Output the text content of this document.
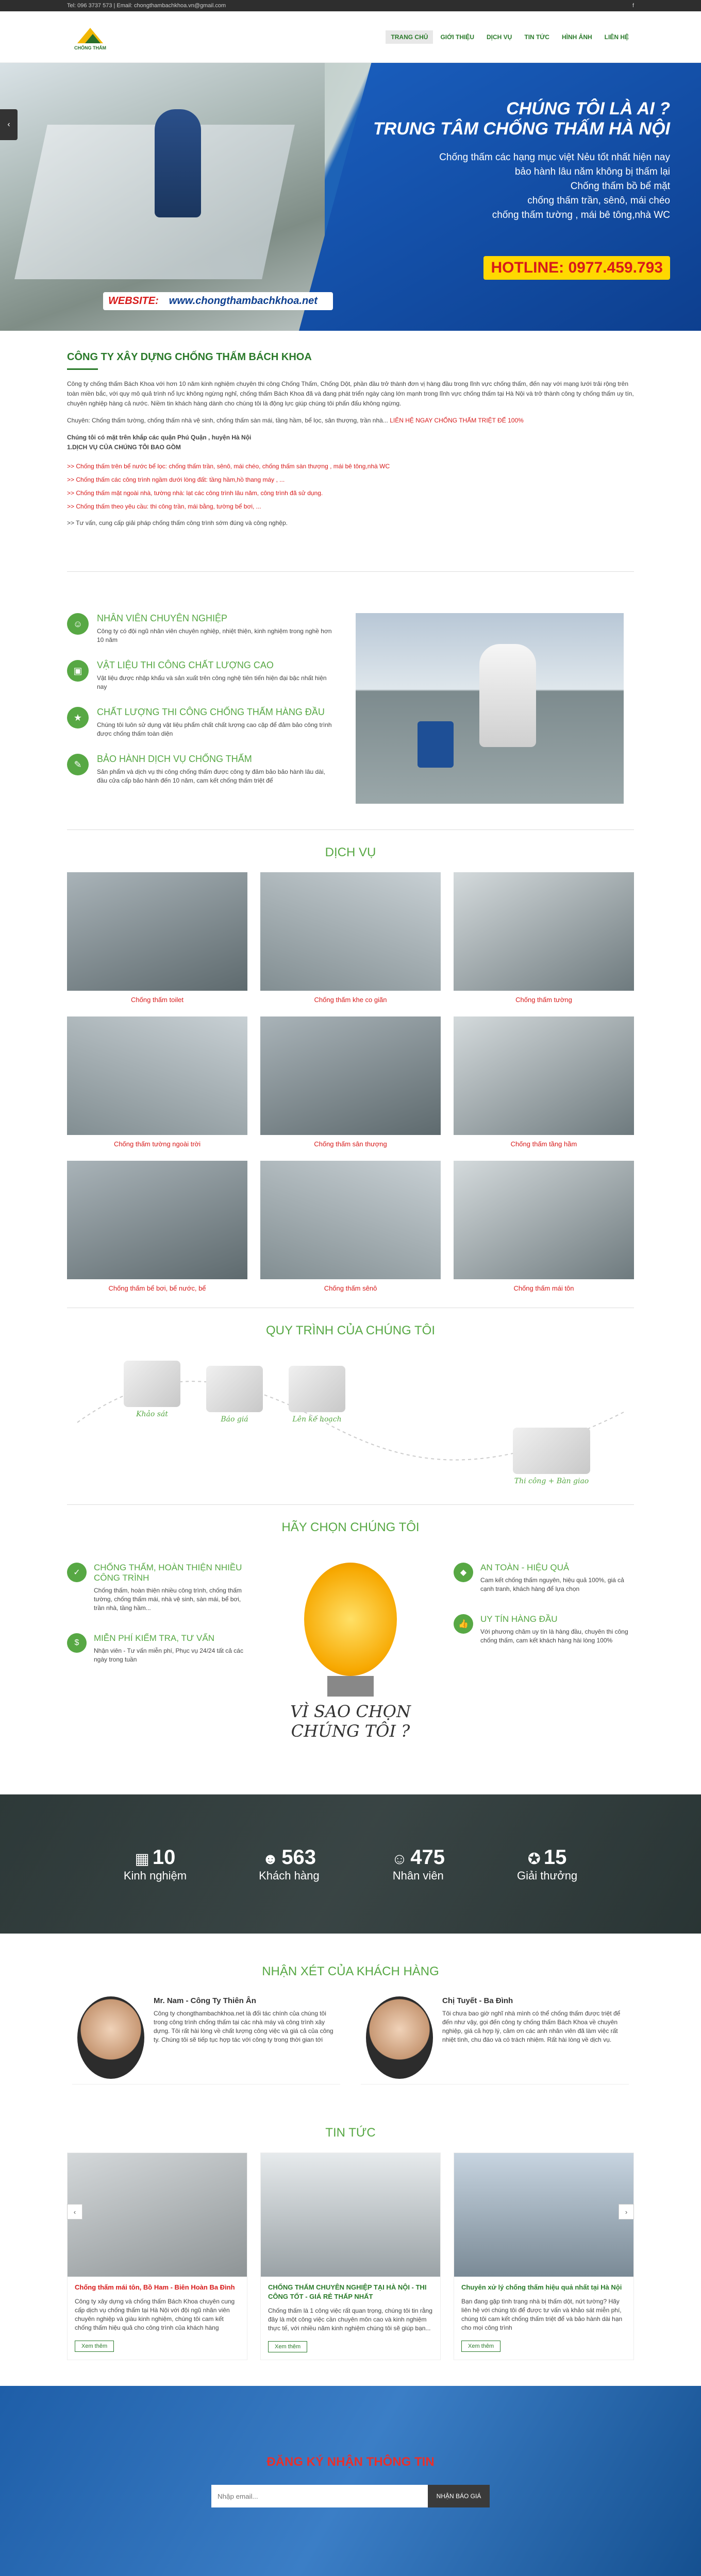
Tel: 096 3737 573 | Email: chongthambachkhoa.vn@gmail.com	f
CHỐNG THẤM
TRANG CHỦ	GIỚI THIỆU	DỊCH VỤ	TIN TỨC	HÌNH ẢNH	LIÊN HỆ
‹
CHÚNG TÔI LÀ AI ?
TRUNG TÂM CHỐNG THẤM HÀ NỘI
Chống thấm các hạng mục việt Nẻu tốt nhất hiện nay
bảo hành lâu năm không bị thấm lại
Chống thấm bồ bể mặt
chống thấm trần, sênô, mái chéo
chống thấm tường , mái bê tông,nhà WC
HOTLINE: 0977.459.793
WEBSITE: www.chongthambachkhoa.net
CÔNG TY XÂY DỰNG CHỐNG THẤM BÁCH KHOA

Công ty chống thấm Bách Khoa với hơn 10 năm kinh nghiệm chuyên thi công Chống Thấm, Chống Dột, phần đầu trở thành đơn vị hàng đầu trong lĩnh vực chống thấm, đến nay với mạng lưới trải rộng trên toàn miền bắc, với quy mô quả trình nổ lực không ngừng nghỉ, chống thấm Bách Khoa đã và đang phát triển ngày càng lớn mạnh trong lĩnh vực chống thấm tại Hà Nội và trở thành công ty chống thấm uy tín, chuyên nghiệp hàng cả nước. Niềm tin khách hàng dành cho chúng tôi là động lực giúp chúng tôi phấn đấu không ngừng.

Chuyên: Chống thấm tường, chống thấm nhà vệ sinh, chống thấm sàn mái, tầng hầm, bể lọc, sân thượng, trần nhà... LIÊN HỆ NGAY CHỐNG THẤM TRIỆT ĐỂ 100%

Chúng tôi có mặt trên khắp các quận Phú Quận , huyện Hà Nội
1.DỊCH VỤ CỦA CHÚNG TÔI BAO GỒM

>> Chống thấm trên bể nước bể lọc: chống thấm trần, sênô, mái chéo, chống thấm sàn thượng , mái bê tông,nhà WC
>> Chống thấm các công trình ngầm dưới lòng đất: tầng hầm,hồ thang máy , ...
>> Chống thấm mặt ngoài nhà, tường nhà: lạt các công trình lâu năm, công trình đã sử dụng.
>> Chống thấm theo yêu cầu: thi công trần, mái bằng, tường bể bơi, ...

>> Tư vấn, cung cấp giải pháp chống thấm công trình sớm đúng và công nghệp.

☺
NHÂN VIÊN CHUYÊN NGHIỆP

Công ty có đội ngũ nhân viên chuyên nghiệp, nhiệt thiện, kinh nghiệm trong nghề hơn 10 năm

▣
VẬT LIỆU THI CÔNG CHẤT LƯỢNG CAO

Vật liệu được nhập khẩu và sản xuất trên công nghệ tiên tiến hiện đại bậc nhất hiện nay

★
CHẤT LƯỢNG THI CÔNG CHỐNG THẤM HÀNG ĐẦU

Chúng tôi luôn sử dụng vật liệu phẩm chất chất lượng cao cặp để đảm bảo công trình được chống thấm toàn diện

✎
BẢO HÀNH DỊCH VỤ CHỐNG THẤM

Sản phẩm và dịch vụ thi công chống thấm được công ty đảm bảo bảo hành lâu dài, đầu cửa cấp bảo hành đến 10 năm, cam kết chống thấm triệt để

DỊCH VỤ
Chống thấm toilet	Chống thấm khe co giãn	Chống thấm tường
Chống thấm tường ngoài trời	Chống thấm sân thượng	Chống thấm tầng hầm
Chống thấm bể bơi, bể nước, bể	Chống thấm sênô	Chống thấm mái tôn
QUY TRÌNH CỦA CHÚNG TÔI
Khảo sát
Báo giá	Lên kế hoạch
Thi công + Bàn giao
HÃY CHỌN CHÚNG TÔI
✓
CHỐNG THẤM, HOÀN THIỆN NHIỀU CÔNG TRÌNH

Chống thấm, hoàn thiện nhiều công trình, chống thấm tường, chống thấm mái, nhà vệ sinh, sàn mái, bể bơi, trần nhà, tầng hầm...

$	MIỄN PHÍ KIỂM TRA, TƯ VẤN

Nhận viên - Tư vấn miễn phí, Phục vụ 24/24 tất cả các ngày trong tuần

VÌ SAO CHỌN CHÚNG TÔI ?
◆
AN TOÀN - HIỆU QUẢ

Cam kết chống thấm nguyên, hiệu quả 100%, giá cả cạnh tranh, khách hàng để lựa chọn

👍
UY TÍN HÀNG ĐẦU

Với phương châm uy tín là hàng đầu, chuyên thi công chống thấm, cam kết khách hàng hài lòng 100%

▦ 10
Kinh nghiệm
☻ 563
Khách hàng
☺ 475
Nhân viên
✪ 15
Giải thưởng
NHẬN XÉT CỦA KHÁCH HÀNG
Mr. Nam - Công Ty Thiên Ân

Công ty chongthambachkhoa.net là đối tác chính của chúng tôi trong công trình chống thấm tại các nhà máy và công trình xây dựng. Tôi rất hài lòng về chất lượng công việc và giá cả của công ty. Chúng tôi sẽ tiếp tục hợp tác với công ty trong thời gian tới

Chị Tuyết - Ba Đình

Tôi chưa bao giờ nghĩ nhà mình có thể chống thấm được triệt để đến như vậy, gọi đến công ty chống thấm Bách Khoa về chuyên nghiệp, giá cả hợp lý, cảm ơn các anh nhân viên đã làm việc rất nhiệt tình, chu đáo và có trách nhiệm. Rất hài lòng về dịch vụ.

TIN TỨC
‹
Chống thấm mái tôn, Bồ Ham - Biên Hoàn Ba Đình

Công ty xây dựng và chống thấm Bách Khoa chuyên cung cấp dịch vụ chống thấm tại Hà Nội với đội ngũ nhân viên chuyên nghiệp và giàu kinh nghiệm, chúng tôi cam kết chống thấm hiệu quả cho công trình của khách hàng

Xem thêm
CHỐNG THẤM CHUYÊN NGHIỆP TẠI HÀ NỘI - THI CÔNG TỐT - GIÁ RẺ THẤP NHẤT

Chống thấm là 1 công việc rất quan trọng, chúng tôi tin rằng đây là một công việc cần chuyên môn cao và kinh nghiệm thực tế, với nhiều năm kinh nghiệm chúng tôi sẽ giúp bạn...

Xem thêm
Chuyên xử lý chống thấm hiệu quả nhất tại Hà Nội

Bạn đang gặp tình trạng nhà bị thấm dột, nứt tường? Hãy liên hệ với chúng tôi để được tư vấn và khảo sát miễn phí, chúng tôi cam kết chống thấm triệt để và bảo hành dài hạn cho mọi công trình

Xem thêm
›
ĐĂNG KÝ NHẬN THÔNG TIN
Nhập email...
NHẬN BÁO GIÁ
